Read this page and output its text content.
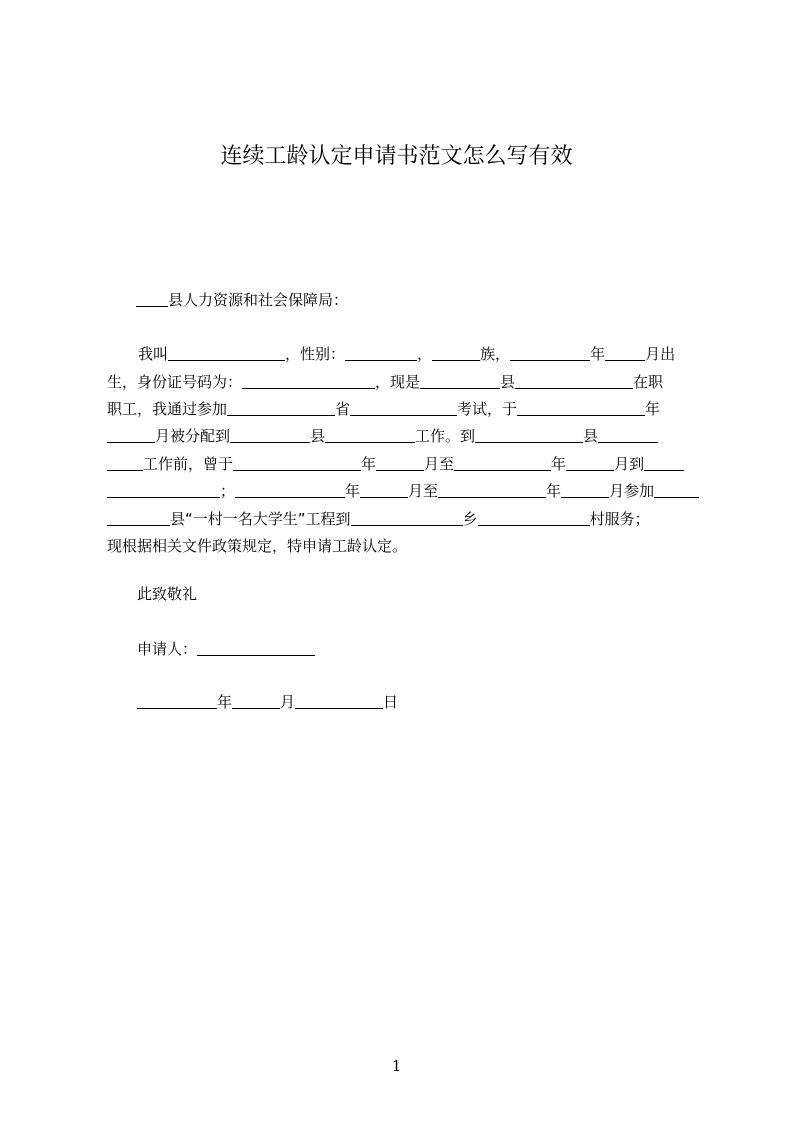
连续工龄认定申请书范文怎么写有效
县人力资源和社会保障局：
我叫	，性别：	，	族，	年	月出
生，身份证号码为：	，现是	县	在职
职工，我通过参加	省	考试，于	年
月被分配到	县	工作。到	县
工作前，曾于	年	月至	年	月到
；	年	月至	年	月参加
县“一村一名大学生”工程到	乡	村服务；
现根据相关文件政策规定，特申请工龄认定。
此致敬礼
申请人：
年	月	日
1
